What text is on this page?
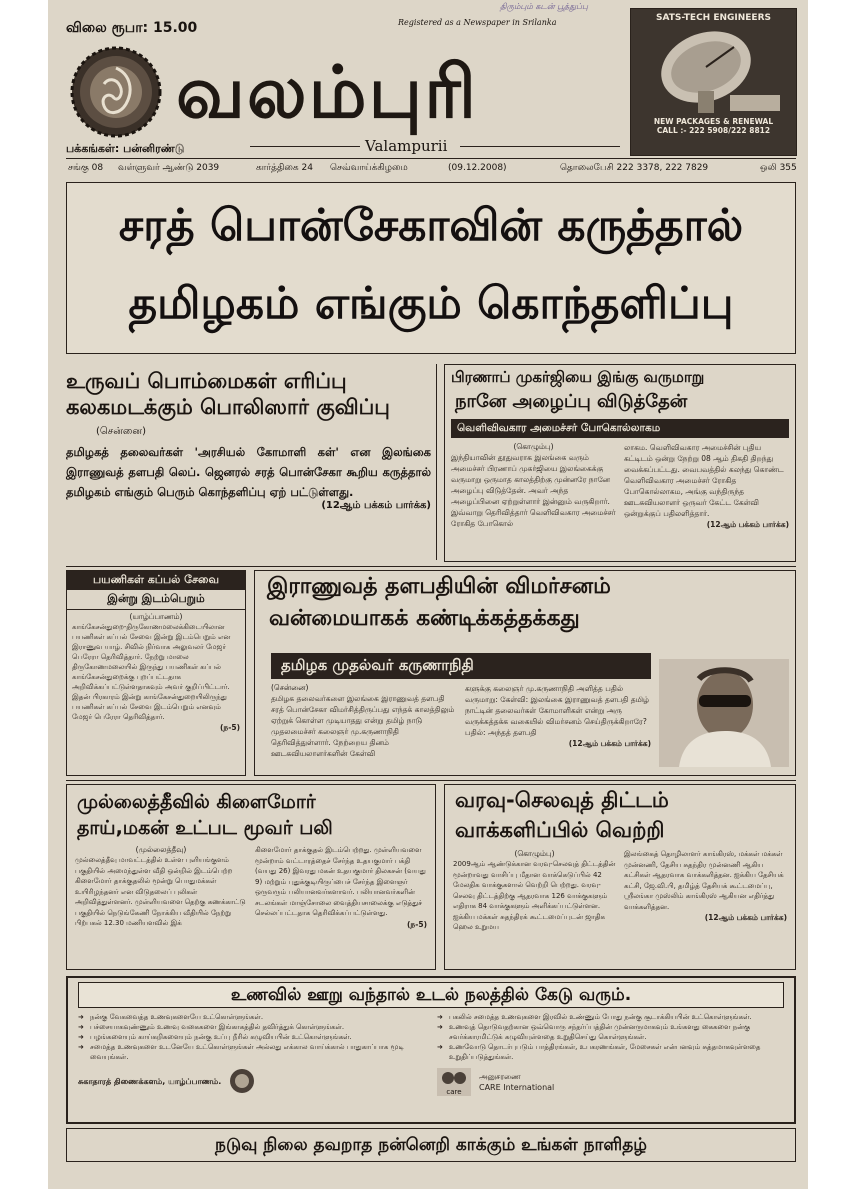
திரும்பும் கடன் பூத்துப்பு
விலை ரூபா: 15.00	Registered as a Newspaper in Srilanka
வலம்புரி
Valampurii
பக்கங்கள்: பன்னிரண்டு
SATS-TECH ENGINEERS
NEW PACKAGES & RENEWAL
CALL :- 222 5908/222 8812
சங்கு 08 வள்ளுவர் ஆண்டு 2039	கார்த்திகை 24 செவ்வாய்க்கிழமை	(09.12.2008)	தொலைபேசி 222 3378, 222 7829	ஒலி 355
சரத் பொன்சேகாவின் கருத்தால்
தமிழகம் எங்கும் கொந்தளிப்பு
உருவப் பொம்மைகள் எரிப்பு
கலகமடக்கும் பொலிஸார் குவிப்பு
(சென்னை)
தமிழகத் தலைவர்கள் 'அரசியல் கோமாளி கள்' என இலங்கை இராணுவத் தளபதி லெப். ஜெனரல் சரத் பொன்சேகா கூறிய கருத்தால் தமிழகம் எங்கும் பெரும் கொந்தளிப்பு ஏற் பட்டுள்ளது.
(12ஆம் பக்கம் பார்க்க)
பிரணாப் முகர்ஜியை இங்கு வருமாறு
நானே அழைப்பு விடுத்தேன்
வெளிவிவகார அமைச்சர் போகொல்லாகம
(கொழும்பு)
இந்தியாவின் தூதுவராக இலங்கை வரும் அமைச்சர் பிரணாப் முகர்ஜியை இலங்கைக்கு வருமாறு ஒருமாத காலத்திற்கு முன்னரே நானே அழைப்பு விடுத்தேன். அவர் அந்த அழைப்பினை ஏற்றுள்ளார் இன்னும் வருகிறார். இவ்வாறு தெரிவித்தார் வெளிவிவகார அமைச்சர் ரோகித போகொல்
லாகம. வெளிவிவகார அமைச்சின் புதிய கட்டிடம் ஒன்று நேற்று 08 ஆம் திகதி திறந்து வைக்கப்பட்டது. வைபவத்தில் கலந்து கொண்ட வெளிவிவகார அமைச்சர் ரோகித போகொல்லாகம, அங்கு வந்திருந்த ஊடகவியலாளர் ஒருவர் கேட்ட கேள்வி ஒன்றுக்குப் பதிலளித்தார்.
(12ஆம் பக்கம் பார்க்க)
பயணிகள் கப்பல் சேவை
இன்று இடம்பெறும்
(யாழ்ப்பாணம்)
காங்கேசன்துறை-திருகோணமலைக்கிடையிலான பயணிகள் கப்பல் சேவை இன்று இடம்பெறும் என இராணுவ யாழ். சிவில் நிர்வாக அலுவலர் மேஜர் பெரேரா தெரிவித்தார். நேற்று மாலை திருகோணமலையில் இருந்து பயணிகள் கப்பல் காங்கேசன்துறைக்கு புறப்பட்டதாக அறிவிக்கப்பட்டுள்ளதாகவும் அவர் குறிப்பிட்டார். இதன் பிரகாரம் இன்று காங்கேசன்துறையிலிருந்து பயணிகள் கப்பல் சேவை இடம்பெறும் எனவும் மேஜர் பெரேரா தெரிவித்தார்.
(ந-5)
இராணுவத் தளபதியின் விமர்சனம்
வன்மையாகக் கண்டிக்கத்தக்கது
தமிழக முதல்வர் கருணாநிதி
(சென்னை)
தமிழக தலைவர்களை இலங்கை இராணுவத் தளபதி சரத் பொன்சேகா விமர்சித்திருப்பது எந்தக் காலத்திலும் ஏற்றுக் கொள்ள முடியாதது என்று தமிழ் நாடு முதலமைச்சர் கலைஞர் மு.கருணாநிதி தெரிவித்துள்ளார். நேற்றைய தினம் ஊடகவியலாளர்களின் கேள்வி
களுக்கு கலைஞர் மு.கருணாநிதி அளித்த பதில் வருமாறு: கேள்வி: இலங்கை இராணுவத் தளபதி தமிழ் நாட்டின் தலைவர்கள் கோமாளிகள் என்று அரு வருக்கத்தக்க வகையில் விமர்சனம் செய்திருக்கிறாரே? பதில்: அந்தத் தளபதி
(12ஆம் பக்கம் பார்க்க)
முல்லைத்தீவில் கிளைமோர்
தாய்,மகன் உட்பட மூவர் பலி
(முல்லைத்தீவு)
முல்லைத்தீவு மாவட்டத்தில் உள்ள புளியங்குளம் பகுதியில் அமைந்துள்ள வீதி ஒன்றில் இடம்பெற்ற கிளைமோர் தாக்குதலில் மூன்று பொதுமக்கள் உயிரிழந்தனர் என விடுதலைப் புலிகள் அறிவித்துள்ளனர். முள்ளியவளை தெற்கு கணக்காட்டு பகுதியில் நெடுங்கேணி நோக்கிய வீதியில் நேற்று பிற்பகல் 12.30 மணியளவில் இக்
கிளைமோர் தாக்குதல் இடம்பெற்றது. முள்ளியவளை மூன்றாம் வட்டாரத்தைச் சேர்ந்த உதயகுமார் பக்தி (வயது 26) இவரது மகன் உதயகுமார் திலகசன் (வயது 9) மற்றும் புதுக்குடியிருப்பைச் சேர்ந்த இளைஞர் ஒருவரும் பலியானவர்களாவர். பலியானவர்களின் சடலங்கள் மாஞ்சோலை வைத்தியசாலைக்கு எடுத்துச் செல்லப்பட்டதாக தெரிவிக்கப்பட்டுள்ளது.
(ந-5)
வரவு-செலவுத் திட்டம்
வாக்களிப்பில் வெற்றி
(கொழும்பு)
2009ஆம் ஆண்டுக்கான வரவு-செலவுத் திட்டத்தின் மூன்றாவது வாசிப்பு மீதான வாக்கெடுப்பில் 42 மேலதிக வாக்குகளால் வெற்றி பெற்றது. வரவு-செலவு திட்டத்திற்கு ஆதரவாக 126 வாக்குகளும் எதிராக 84 வாக்குகளும் அளிக்கப்பட்டுள்ளன. ஐக்கிய மக்கள் சுதந்திரக் கூட்டமைப்புடன் ஜாதிக ஹெல உறுமய
இலங்கைத் தொழிலாளர் காங்கிரஸ், மக்கள் மக்கள் முன்னணி, தேசிய சுதந்திர முன்னணி ஆகிய கட்சிகள் ஆதரவாக வாக்களித்தன. ஐக்கிய தேசியக் கட்சி, ஜே.வி.பி, தமிழ்த் தேசியக் கூட்டமைப்பு, ஸ்ரீலங்கா முஸ்லிம் காங்கிரஸ் ஆகியன எதிர்த்து வாக்களித்தன.
(12ஆம் பக்கம் பார்க்க)
உணவில் ஊறு வந்தால் உடல் நலத்தில் கேடு வரும்.
➜ நன்கு வேகவைத்த உணவுகளையே உட்கொள்ளுங்கள்.
➜ பச்சையாகவுண்ணும் உணவு வகைகளை இங்காகத்தில் தவிர்த்துக் கொள்ளுங்கள்.
➜ பழங்களையும் காய்கறிகளையும் நன்கு உப்பு நீரில் கழுவியபின் உட்கொள்ளுங்கள்.
➜ சமைத்த உணவுகளை உடனேயே உட்கொள்ளுங்கள் அல்லது எக்கால வாய்க்கால் பாதுகாப்பாக மூடி வையுங்கள்.
சுகாதாரத் திணைக்களம், யாழ்ப்பாணம்.
➜ பகலில் சமைத்த உணவுகளை இரவில் உண்ணும் போது நன்கு சூடாக்கியபின் உட்கொள்ளுங்கள்.
➜ உணவுத் தொடுவதற்கான ஒவ்வொரு சந்தர்ப்பத்தின் முன்னருமாகவும் உங்களது கைகளை நன்கு சவர்க்காரமிட்டுக் கழுவியுள்ளதை உறுதிசெய்து கொள்ளுங்கள்.
➜ உணவோடு தொடர்புபடும் பாத்திரங்கள், உபகரணங்கள், மேசைகள் என்பனவும் சுத்தமாகவுள்ளதை உறுதிப்படுத்துங்கள்.
care
அனுசரணை
CARE International
நடுவு நிலை தவறாத நன்னெறி காக்கும் உங்கள் நாளிதழ்
